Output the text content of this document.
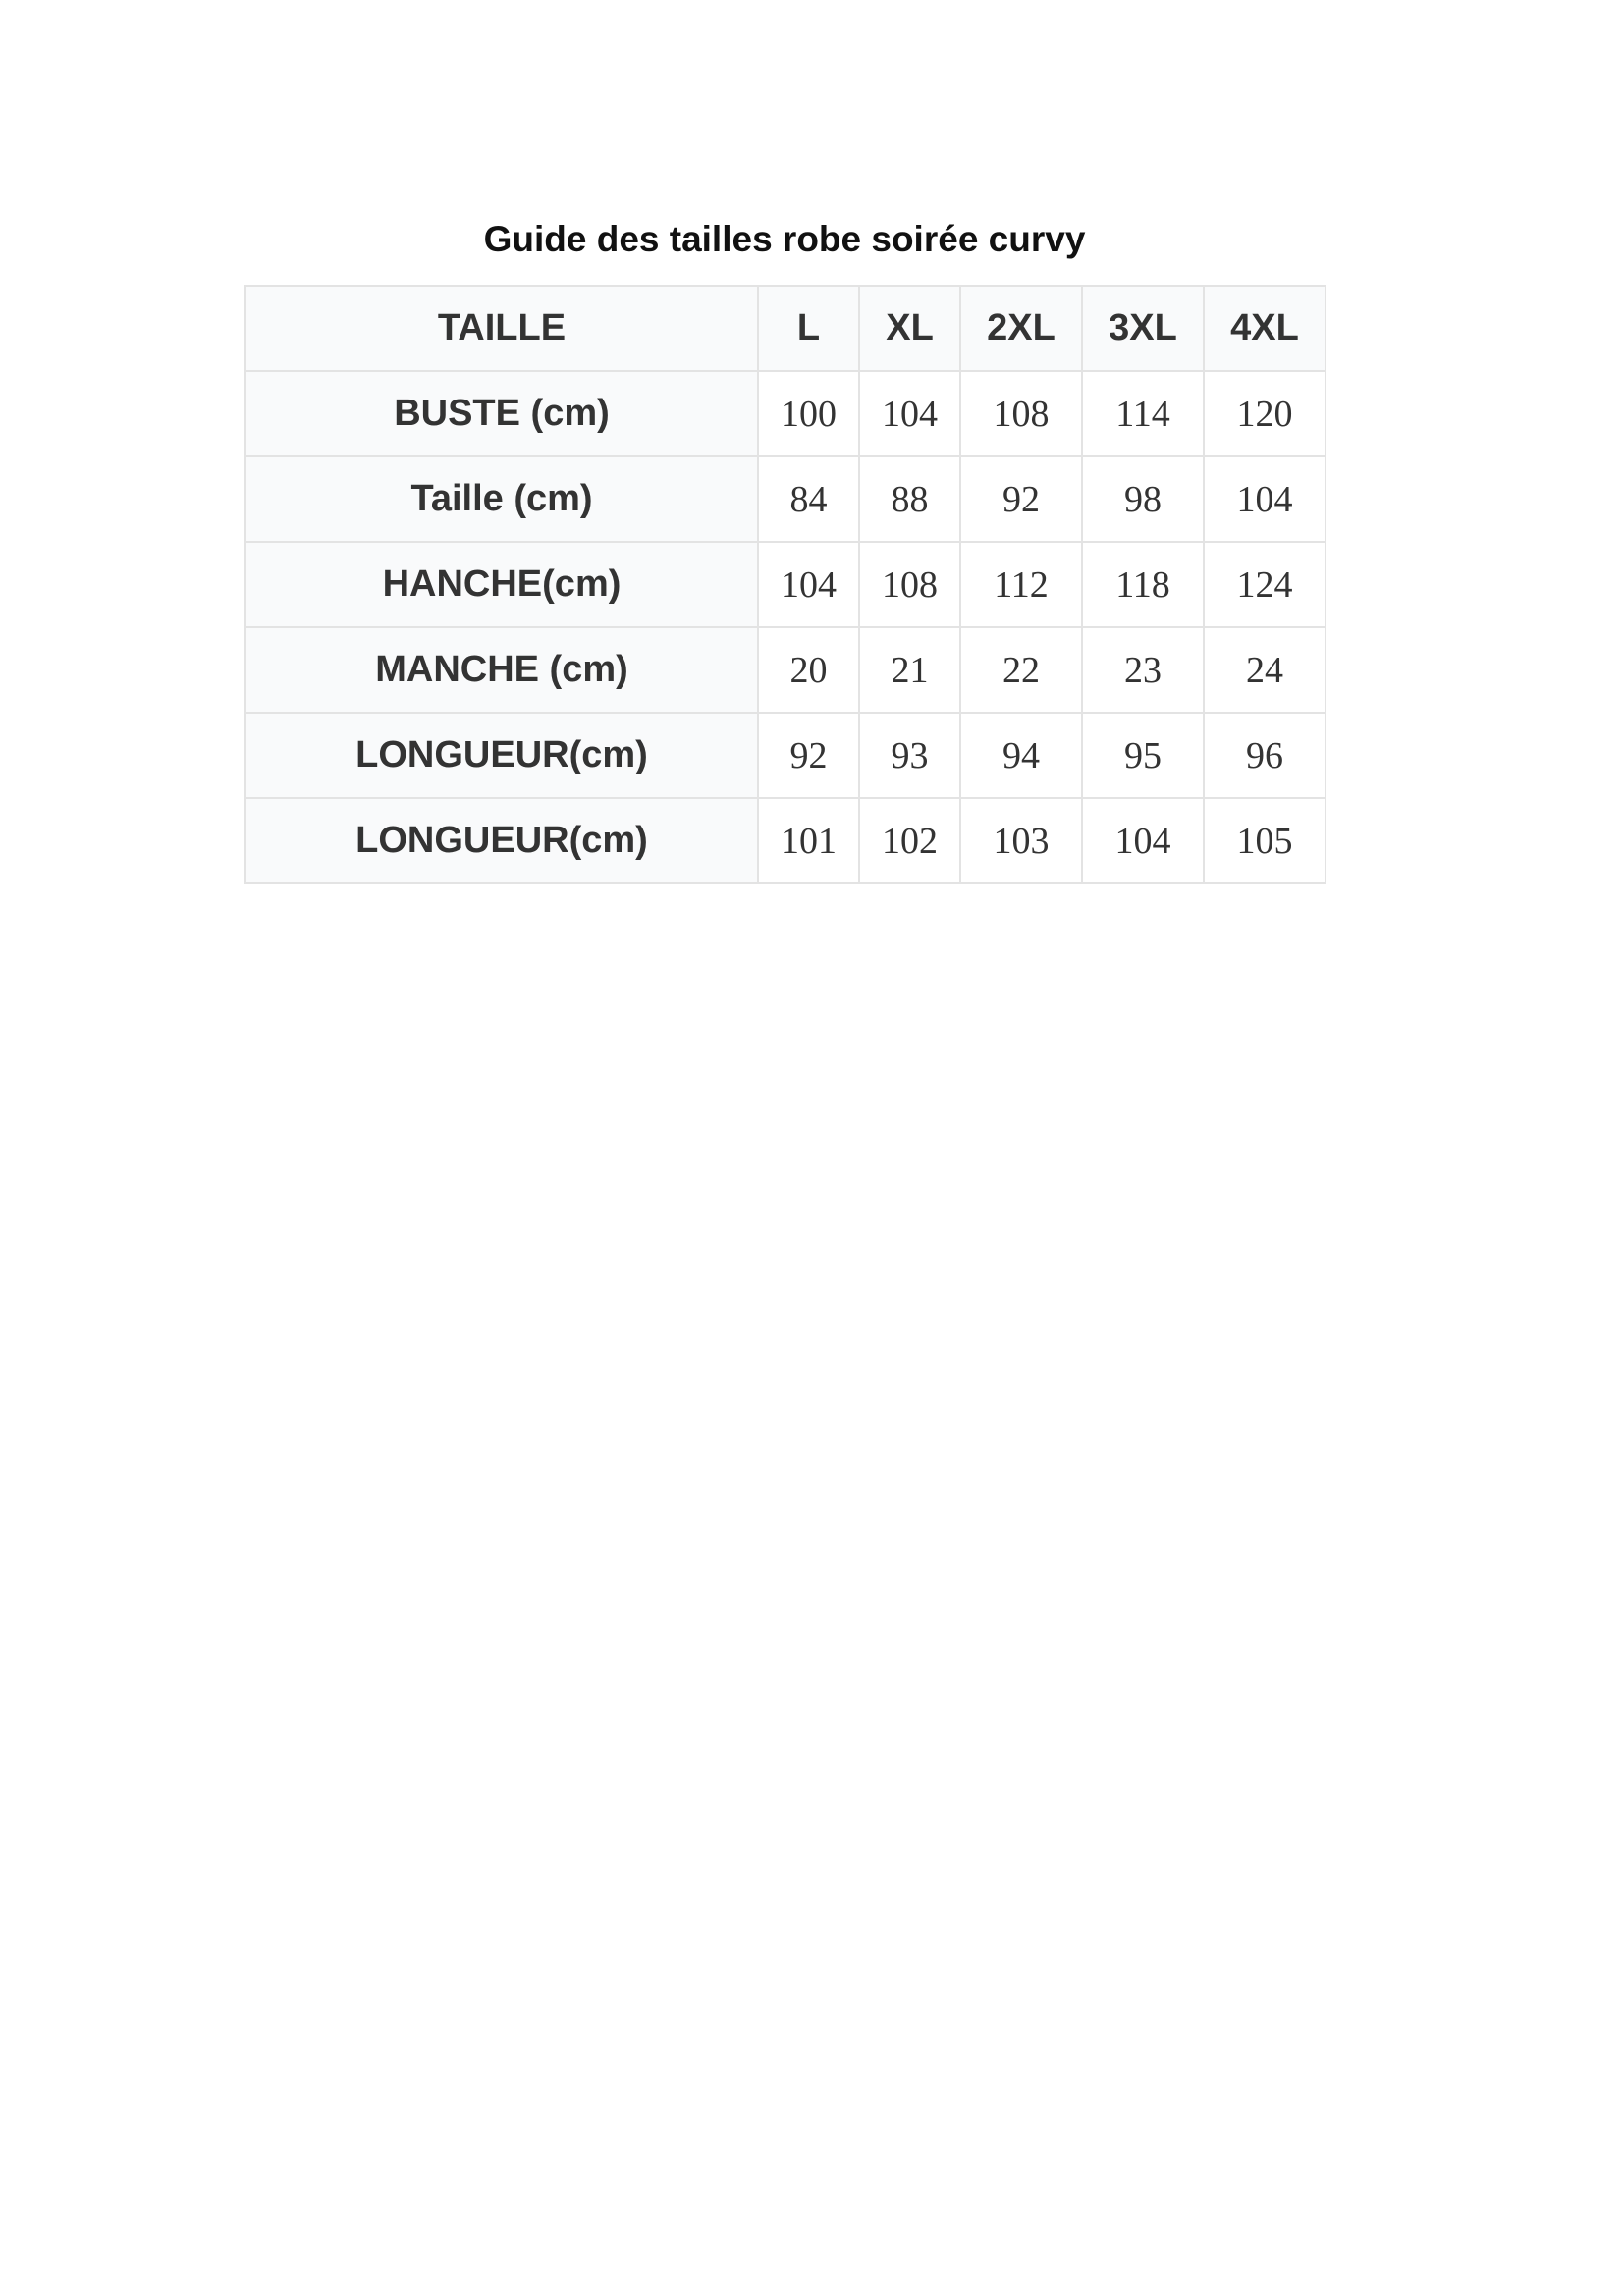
Guide des tailles robe soirée curvy
TAILLE	L	XL	2XL	3XL	4XL
BUSTE (cm)	100	104	108	114	120
Taille (cm)	84	88	92	98	104
HANCHE(cm)	104	108	112	118	124
MANCHE (cm)	20	21	22	23	24
LONGUEUR(cm)	92	93	94	95	96
LONGUEUR(cm)	101	102	103	104	105
